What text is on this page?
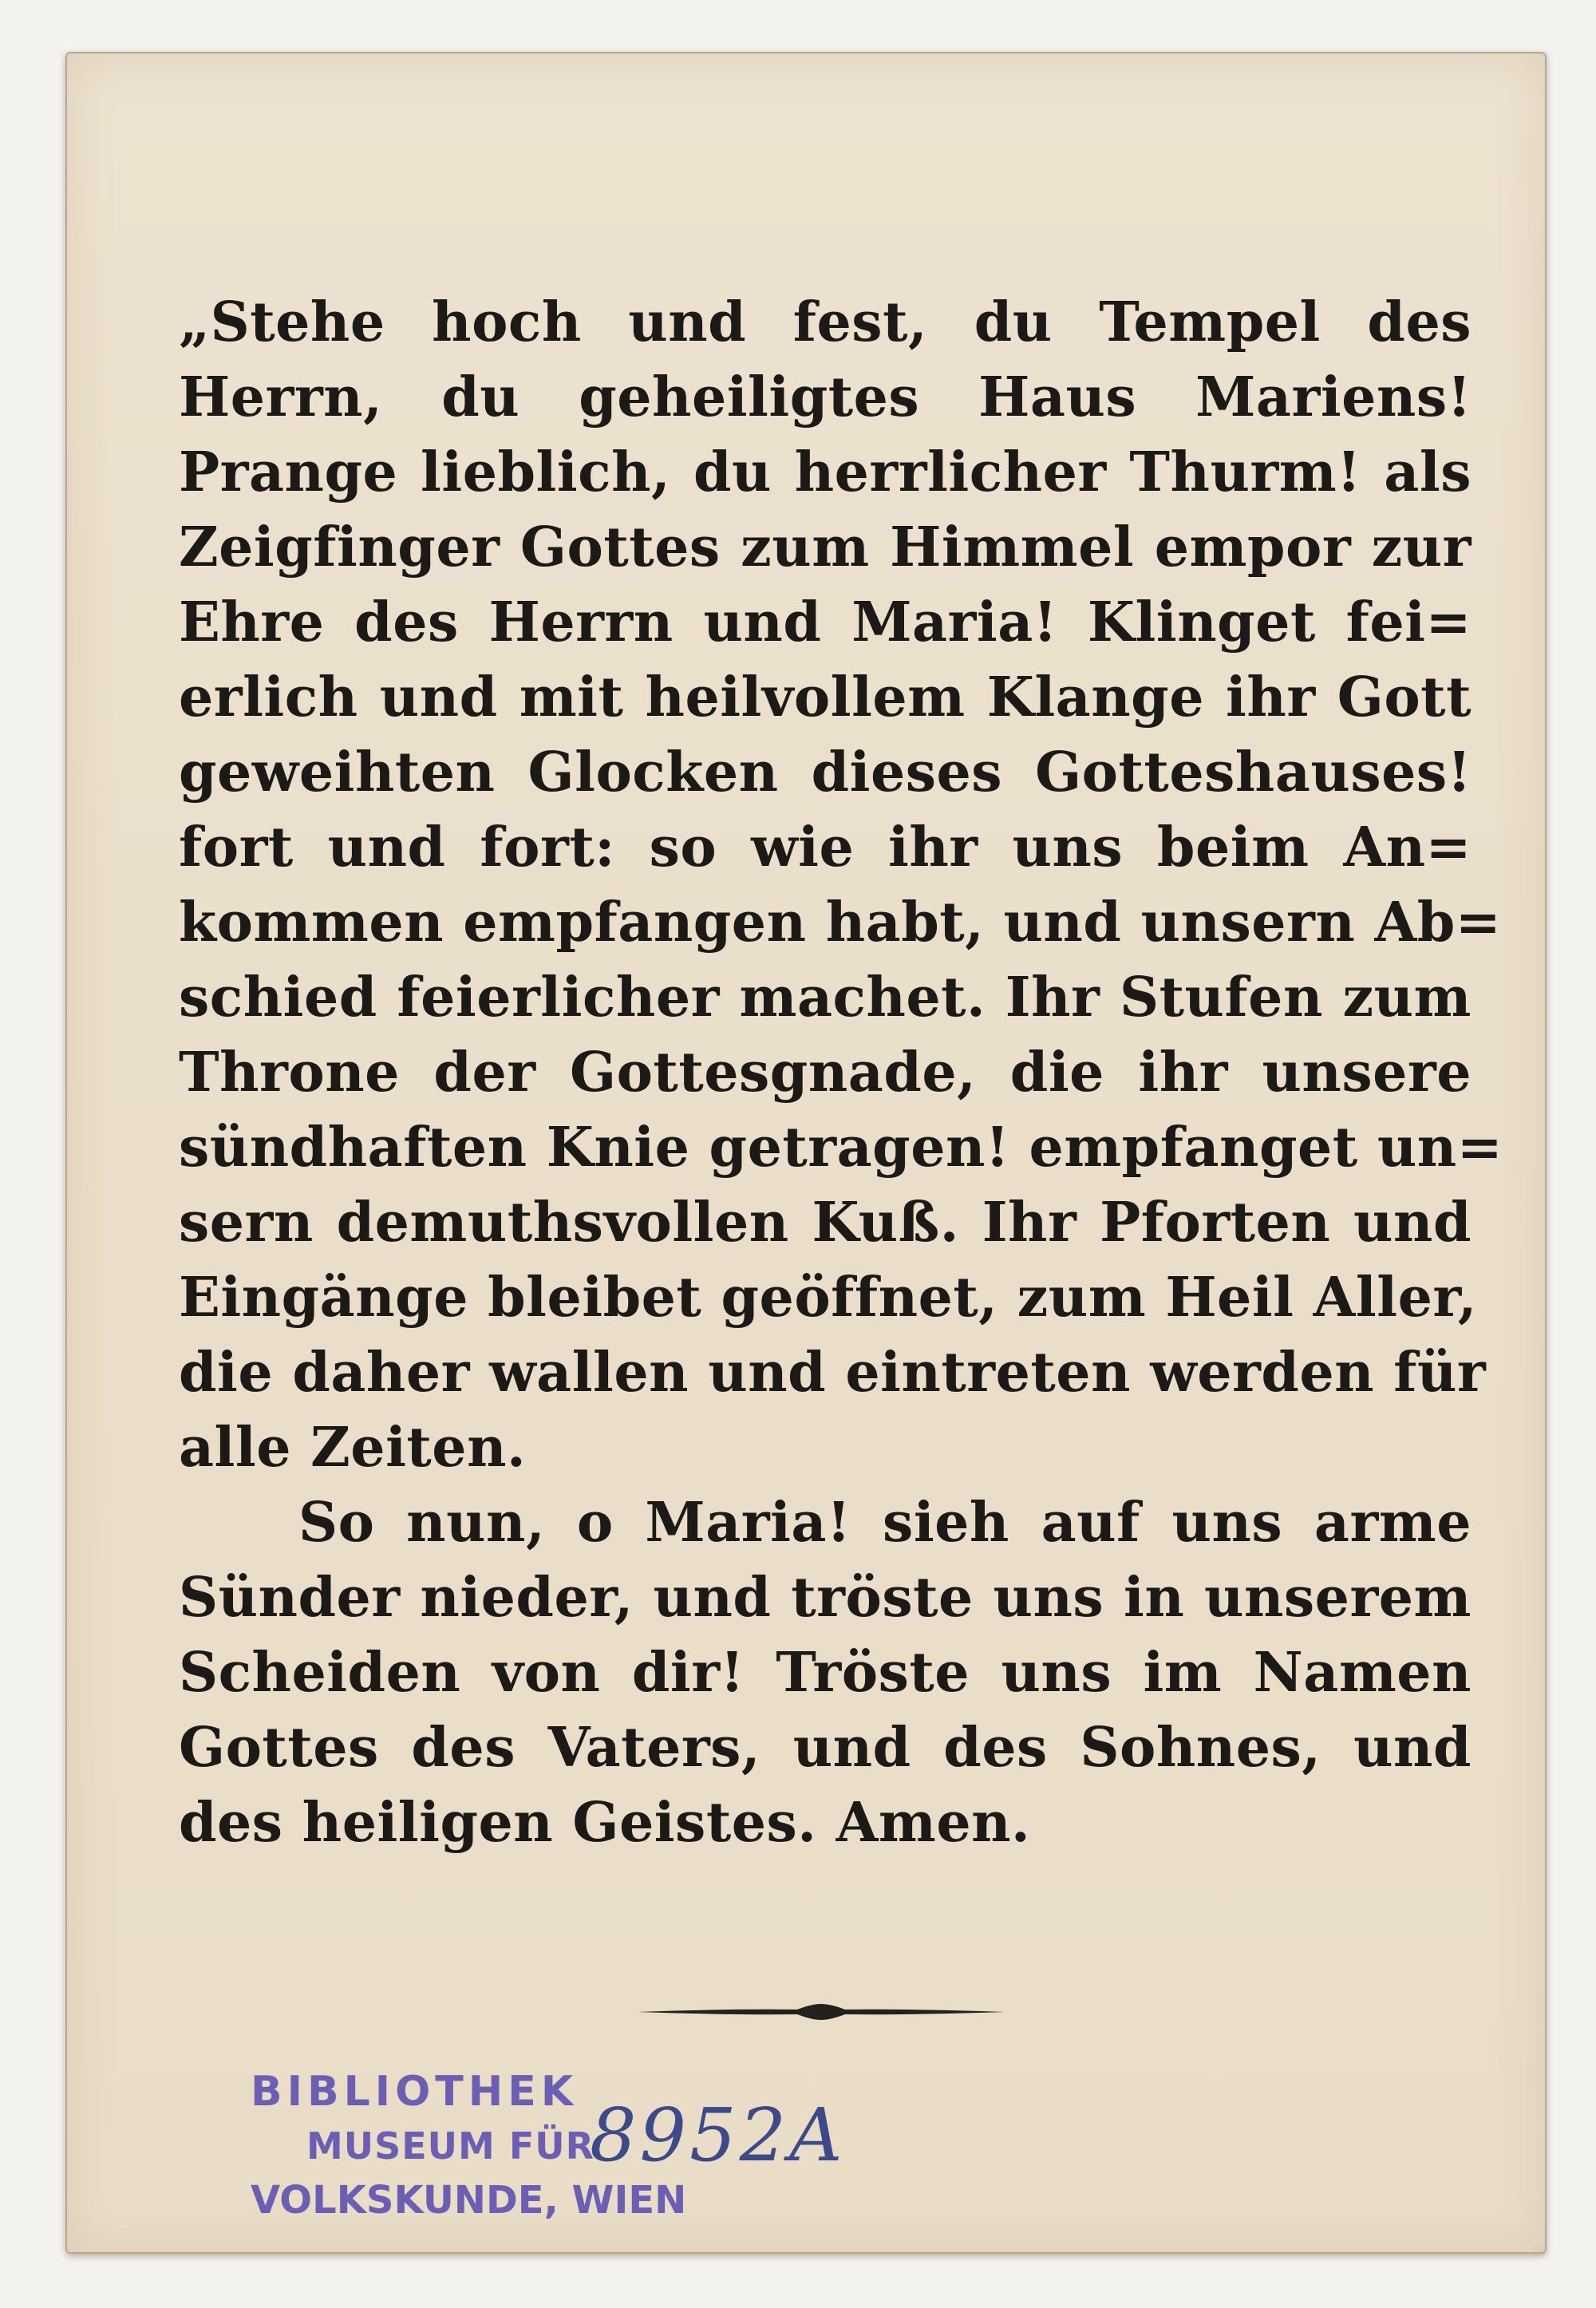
„Stehe hoch und fest, du Tempel des
Herrn, du geheiligtes Haus Mariens!
Prange lieblich, du herrlicher Thurm! als
Zeigfinger Gottes zum Himmel empor zur
Ehre des Herrn und Maria! Klinget fei=
erlich und mit heilvollem Klange ihr Gott
geweihten Glocken dieses Gotteshauses!
fort und fort: so wie ihr uns beim An=
kommen empfangen habt, und unsern Ab=
schied feierlicher machet. Ihr Stufen zum
Throne der Gottesgnade, die ihr unsere
sündhaften Knie getragen! empfanget un=
sern demuthsvollen Kuß. Ihr Pforten und
Eingänge bleibet geöffnet, zum Heil Aller,
die daher wallen und eintreten werden für
alle Zeiten.
So nun, o Maria! sieh auf uns arme
Sünder nieder, und tröste uns in unserem
Scheiden von dir! Tröste uns im Namen
Gottes des Vaters, und des Sohnes, und
des heiligen Geistes. Amen.
BIBLIOTHEK
MUSEUM FÜR
VOLKSKUNDE, WIEN
8952A
